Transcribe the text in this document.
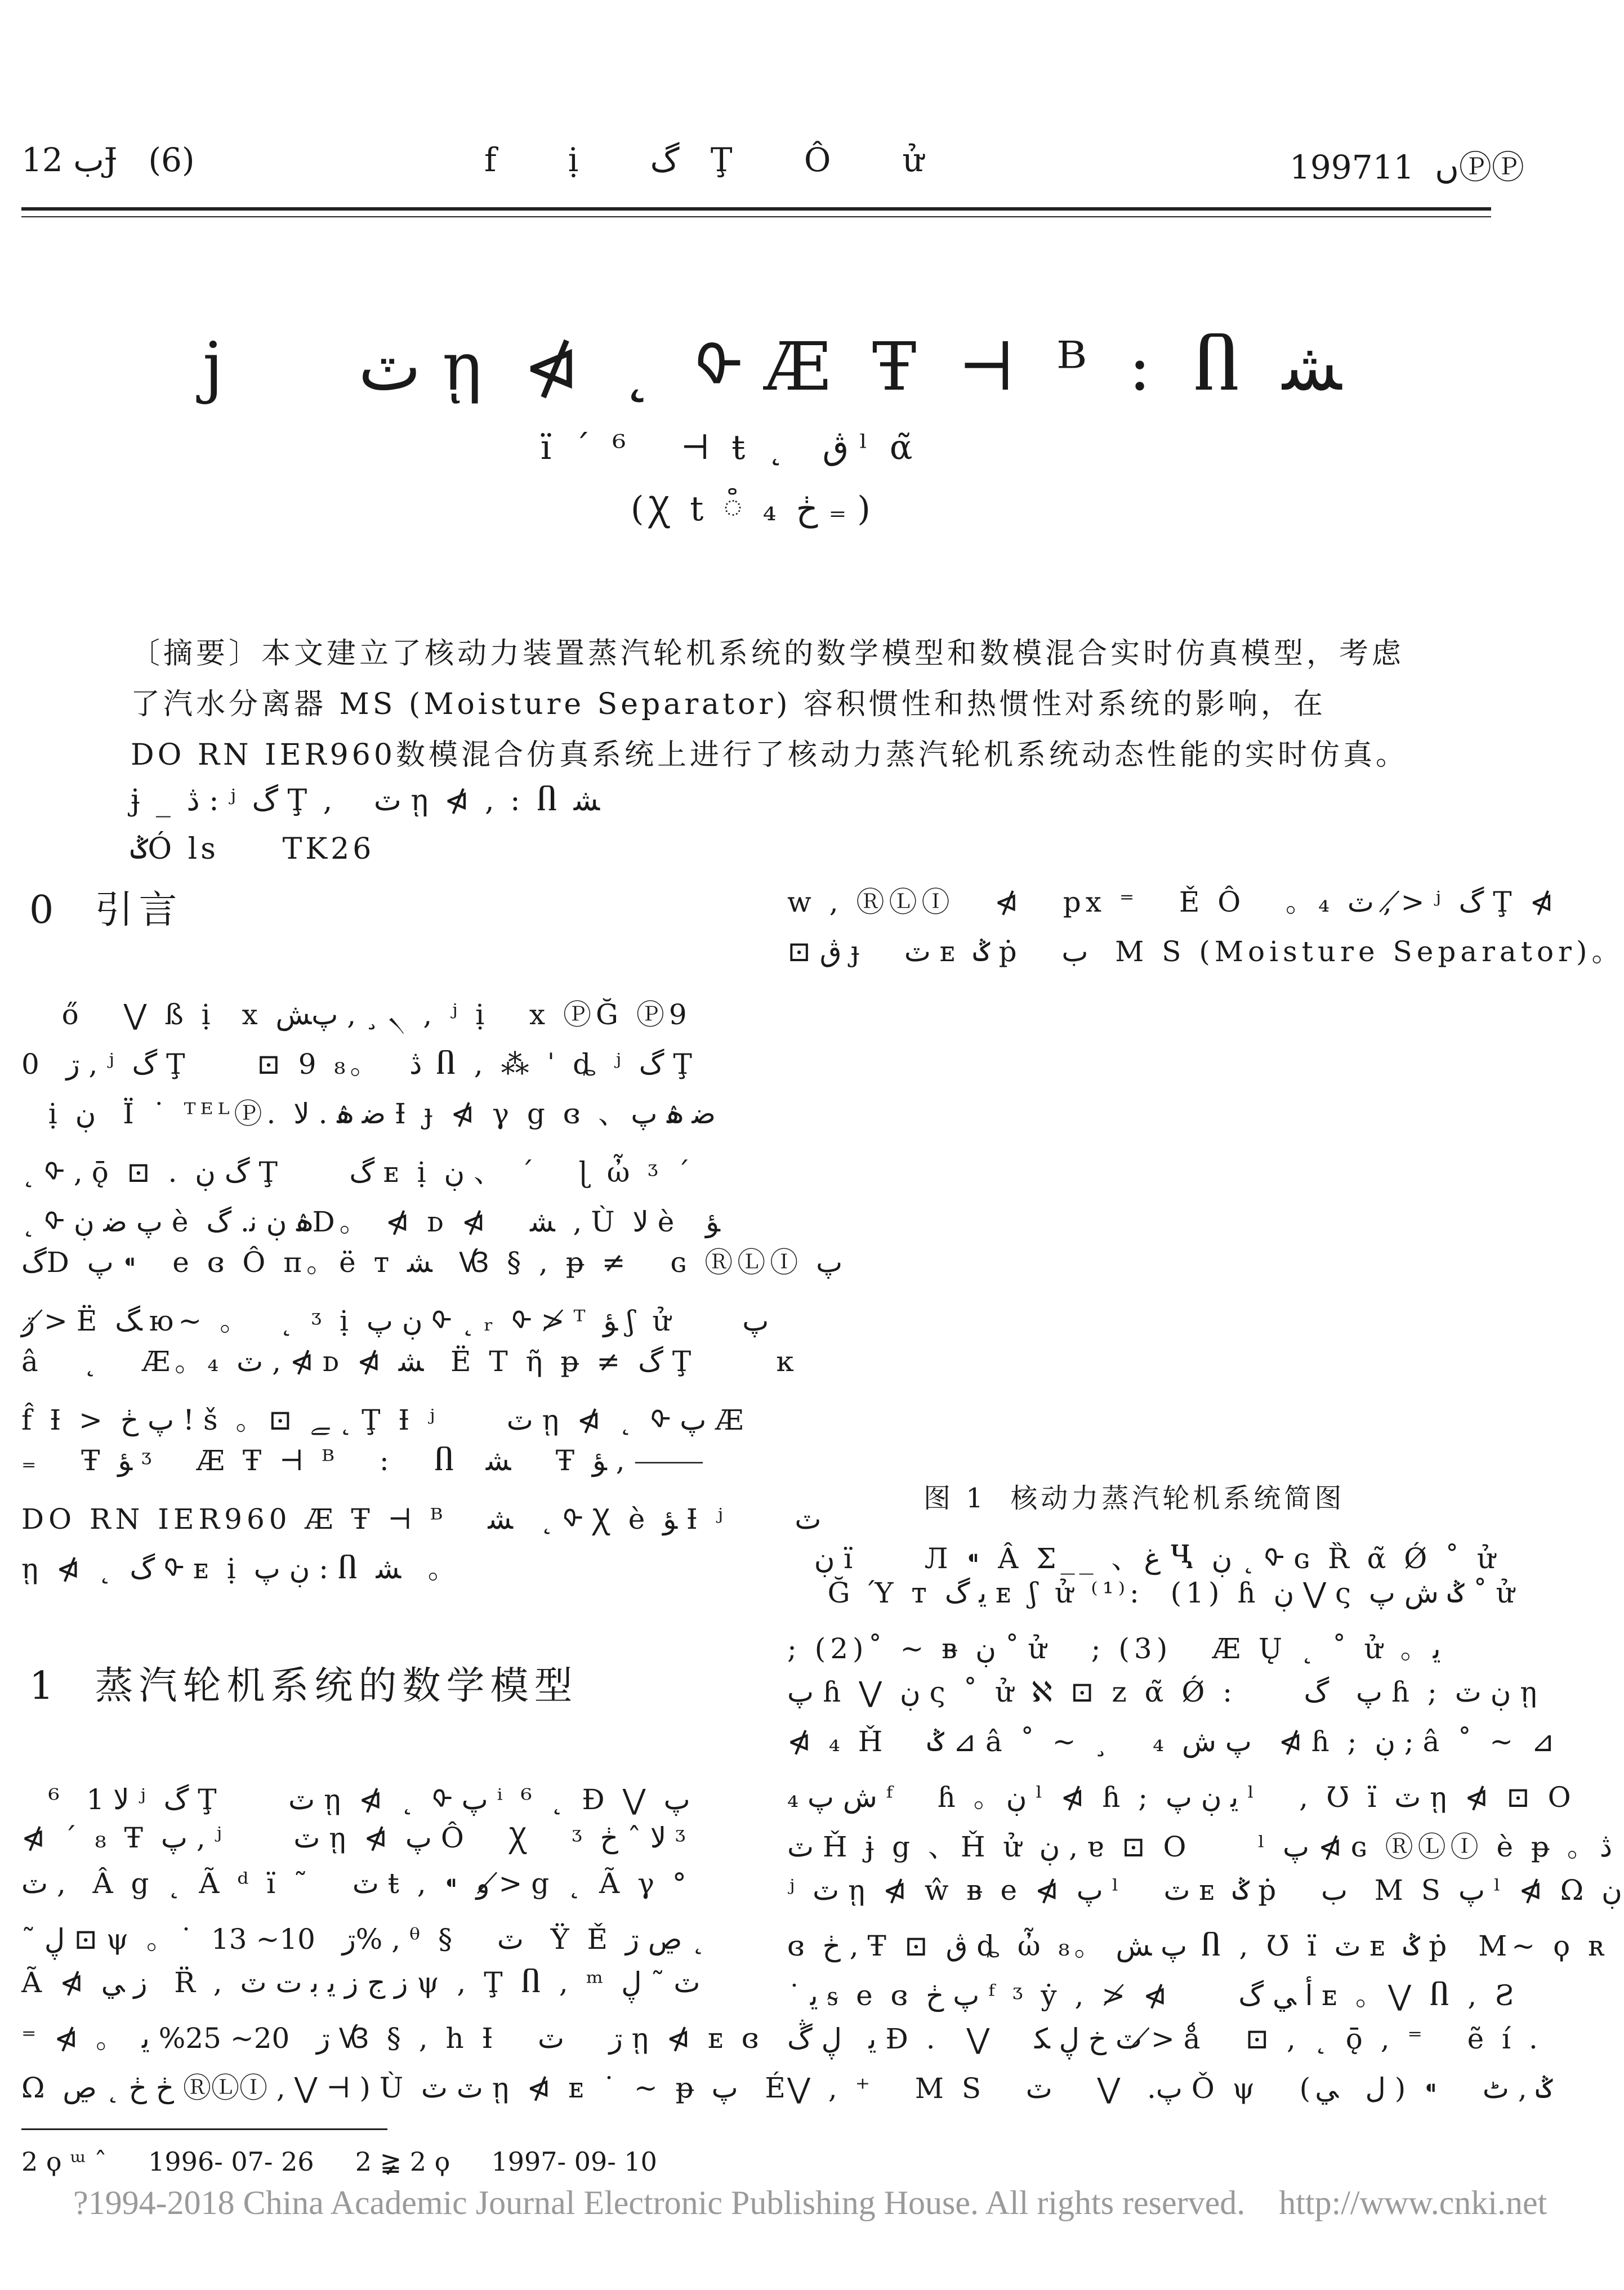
ب 12Ɉ   (6)	f   ị   گ   Ţ   Ô   ử	1997ں  11ⓅⓅ
j    ٽ ῃ ⋪ ˛ ᡐ Æ Ŧ ⊣ ᴮ : Ⴖ ﺸ
ï ´ ⁶   ⊣ ŧ ˛  ڨ ˡ α̃
(Ꭓ t ៓ ₄ ڂ ₌ )
〔摘要〕本文建立了核动力装置蒸汽轮机系统的数学模型和数模混合实时仿真模型，考虑
了汽水分离器 MS (Moisture Separator) 容积惯性和热惯性对系统的影响，在
DO RN IER960数模混合仿真系统上进行了核动力蒸汽轮机系统动态性能的实时仿真。
ɉ _ ڎ : ʲ گ Ţ ,   ٽ ῃ ⋪ , : Ⴖ ﺸ
ݣÓ ls     TK26
0  引言
1  蒸汽轮机系统的数学模型
ő   ⋁ ß ị  x پﺶ , ¸ ৲ , ʲ ị   x ⓅĞ Ⓟ9
ڗ   0 , ʲ گ Ţ     ⊡ 9 ڎ   。₈ Ⴖ , ⁂ ˈ ȡ ʲ گ Ţ
ị ڹ   Ï ˙ ᵀᴱᴸⓅ. ﺿ ۿ . ﻻ Ɨ ɟ ⋪ γ g ɞ 、ﺿ ۿ پ
˛ ᡐ , ǭ ⊡ . گ ڹ Ţ     گ ᴇ ị ڹ 、 ´   ɭ ὦ ᶾ ´
˛ ᡐ پ ﺿ ڹ è ۿ ڹ ﻧ. گD。 ⋪ ᴅ ⋪   ﺸ  , Ù ﻻ è  ﺆ
گD پ ⁌    e ɞ Ô ᴨ。ë ᴛ ﺸ   Ꟃ § , ᵽ ≠   ɢ ⓇⓁⒾ پ
ڗ ≯ Ë ﮓ ю~ 。  ˛ ᶾ ị ڹ پ ᡐ ˛ ᵣ ᡐ ≯ ᵀ ﺆ ʃ ử     پ
â   ˛   Æ。₄ ٽ , ⋪ ᴅ ⋪ ﺸ   Ë T ῆ ᵽ ≠ گ Ţ      ĸ
f̂ Ɨ > پ ڂ ! š 。⊡ ﮯ ˛ Ţ Ɨ ʲ     ٽ ῃ ⋪ ˛ ᡐ پ Æ
₌   Ŧ ﺆ ᶾ   Æ Ŧ ⊣ ᴮ   :   Ⴖ  ﺸ     Ŧ ﺆ , ⸻
DO RN IER960 Æ Ŧ ⊣ ᴮ   ﺸ   ˛ ᡐ Ꭓ è ﺆ Ɨ ʲ     ٽ
ῃ ⋪ ˛ گ ᡐ ᴇ ị ڹ پ : Ⴖ ﺸ   。
⁶   1 ﻻ ʲ گ Ţ     ٽ ῃ ⋪ ˛ ᡐ پ ⁱ ⁶ ˛ Ɖ ⋁ پ
⋪ ´ ₈ Ŧ پ , ʲ     ٽ ῃ ⋪ پ Ô   Ꭓ   ᶾ ﻻ ˆ ڂ ᶾ
ٽ ,   Â g ˛ Ã ᵈ ï ˜   ٽ ŧ , ⁌ ﻭ ≯ g ˛ Ã γ °
˜ ڸ ⊡ ψ 。˙ ڗ   10~ 13% , ᶿ §   ٽ   Ÿ Ě ڝ ڗ ˛
Ã ⋪ ﺯ ﻲ   R̈ , ﺯ ﺝ ﺯ ﻳ ﺑ ﺕ ٽ ψ , Ţ Ⴖ , ᵐ ٽ ˜ ڸ
⁼ ⋪ 。 ڗ   20~ 25% ﻳ Ꟃ § , h Ɨ   ڗ     ٽ ῃ ⋪ ᴇ ɞ
Ω ڂ ڂ ˛ ڝ ⓇⓁⒾ , ⋁ ⊣ ) Ù ٽ ٽ ῃ ⋪ ᴇ ˙ ~ ᵽ پ   É
w , ⓇⓁⒾ   ⋪   px ⁼   Ě Ô   。₄ ٽ , ≯ ʲ گ Ţ ⋪
⊡ ڨ ɟ   ٽ ᴇ ݣ ṗ   ب   M S (Moisture Separator)。
图 1  核动力蒸汽轮机系统简图
ڹ ï     Л ⁌ Â Σ__ 、ﻍ Ⴁ ڹ ˛ ᡐ ɢ Ȑ α̃ Ǿ ˚ ử
Ğ Ύ ᴛ ﻳ گ ᴇ ʃ ử ⁽¹⁾:  (1) ɦ ڹ ⋁ ς ݣ ش پ ˚ ử
; (2)˚ ~ ᴃ ڹ ˚ ử   ; (3)   Æ Ų ˛ ˚ ử 。ﻳ
پ ɦ ⋁ ڹ ς ˚ ử ℵ ⊡ ᴢ α̃ Ǿ :     پ   گ ɦ ; ڹ ٽ ῃ
⋪ ₄ Ȟ   ݣ ⊿ â ˚ ~ ¸   ₄ پ ش   ⋪ ɦ ; ڹ ; â ˚ ~ ⊿
₄ ش پ ᶠ   ɦ 。ڹ ˡ ⋪ ɦ ; ﻳ ڹ پ ˡ   , Ʊ ï ٽ ῃ ⋪ ⊡ O
ٽ Ȟ ɉ g 、Ȟ ử ڹ , ɐ ⊡ O     ˡ پ ⋪ ɢ ⓇⓁⒾ è ᵽ 。ڎ
ʲ ٽ ῃ ⋪ ŵ ᴃ e ⋪ پ ˡ   ٽ ᴇ ݣ ṗ   ب   M S پ ˡ ⋪ Ω ڹ
ɞ ڂ , Ŧ ⊡ ڨ ȡ ὦ پ ﺶ 。₈ Ⴖ , Ʊ ï ٽ ᴇ ݣ ṗ  M~ ϙ ʀ
˙ ﻳ ᵴ e ɞ پ ڂ ᶠ ᶾ ẏ , ≯ ⋪     ﺃ ﻲ گ ᴇ 。⋁ Ⴖ , Ƨ
ﻳ   ڸ ڴ Ɖ .  ⋁   ٽ ﺥ ڸ ﮑ ≯ ǻ   ⊡ , ˛ ǭ , ⁼   ẽ í .
⋁ , ⁺   M S   پ.   ⋁     ٽ Ǒ ψ   (ﻝ   ﻲ ) ⁌   ݣ , ٹ
2 ϙ ᵚ ˆ     1996- 07- 26     2 ≩ 2 ϙ     1997- 09- 10
?1994-2018 China Academic Journal Electronic Publishing House. All rights reserved.    http://www.cnki.net
